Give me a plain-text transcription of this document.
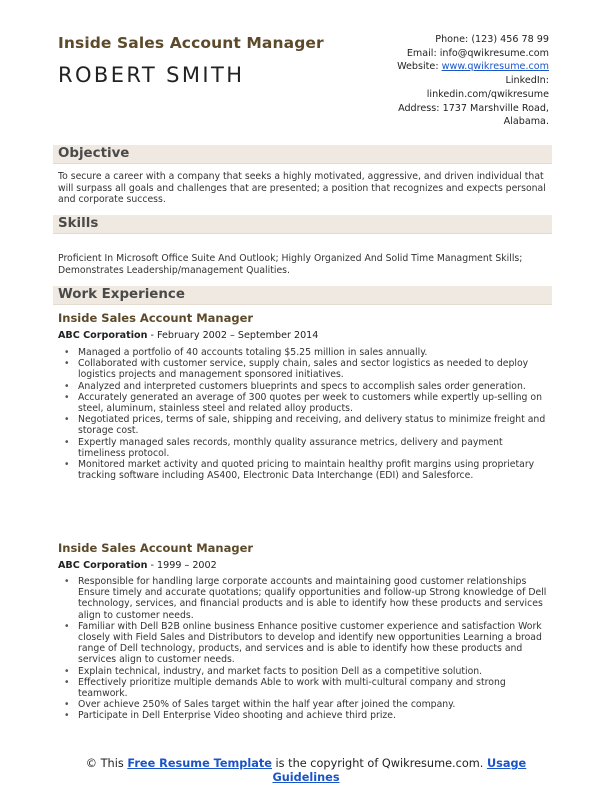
Inside Sales Account Manager
ROBERT SMITH
Phone: (123) 456 78 99
Email: info@qwikresume.com
Website: www.qwikresume.com
LinkedIn:
linkedin.com/qwikresume
Address: 1737 Marshville Road,
Alabama.
Objective
To secure a career with a company that seeks a highly motivated, aggressive, and driven individual that will surpass all goals and challenges that are presented; a position that recognizes and expects personal and corporate success.
Skills
Proficient In Microsoft Office Suite And Outlook; Highly Organized And Solid Time Managment Skills; Demonstrates Leadership/management Qualities.
Work Experience
Inside Sales Account Manager
ABC Corporation - February 2002 – September 2014
• Managed a portfolio of 40 accounts totaling $5.25 million in sales annually.
• Collaborated with customer service, supply chain, sales and sector logistics as needed to deploy logistics projects and management sponsored initiatives.
• Analyzed and interpreted customers blueprints and specs to accomplish sales order generation.
• Accurately generated an average of 300 quotes per week to customers while expertly up-selling on steel, aluminum, stainless steel and related alloy products.
• Negotiated prices, terms of sale, shipping and receiving, and delivery status to minimize freight and storage cost.
• Expertly managed sales records, monthly quality assurance metrics, delivery and payment timeliness protocol.
• Monitored market activity and quoted pricing to maintain healthy profit margins using proprietary tracking software including AS400, Electronic Data Interchange (EDI) and Salesforce.
Inside Sales Account Manager
ABC Corporation - 1999 – 2002
• Responsible for handling large corporate accounts and maintaining good customer relationships Ensure timely and accurate quotations; qualify opportunities and follow-up Strong knowledge of Dell technology, services, and financial products and is able to identify how these products and services align to customer needs.
• Familiar with Dell B2B online business Enhance positive customer experience and satisfaction Work closely with Field Sales and Distributors to develop and identify new opportunities Learning a broad range of Dell technology, products, and services and is able to identify how these products and services align to customer needs.
• Explain technical, industry, and market facts to position Dell as a competitive solution.
• Effectively prioritize multiple demands Able to work with multi-cultural company and strong teamwork.
• Over achieve 250% of Sales target within the half year after joined the company.
• Participate in Dell Enterprise Video shooting and achieve third prize.
© This Free Resume Template is the copyright of Qwikresume.com. Usage
Guidelines
